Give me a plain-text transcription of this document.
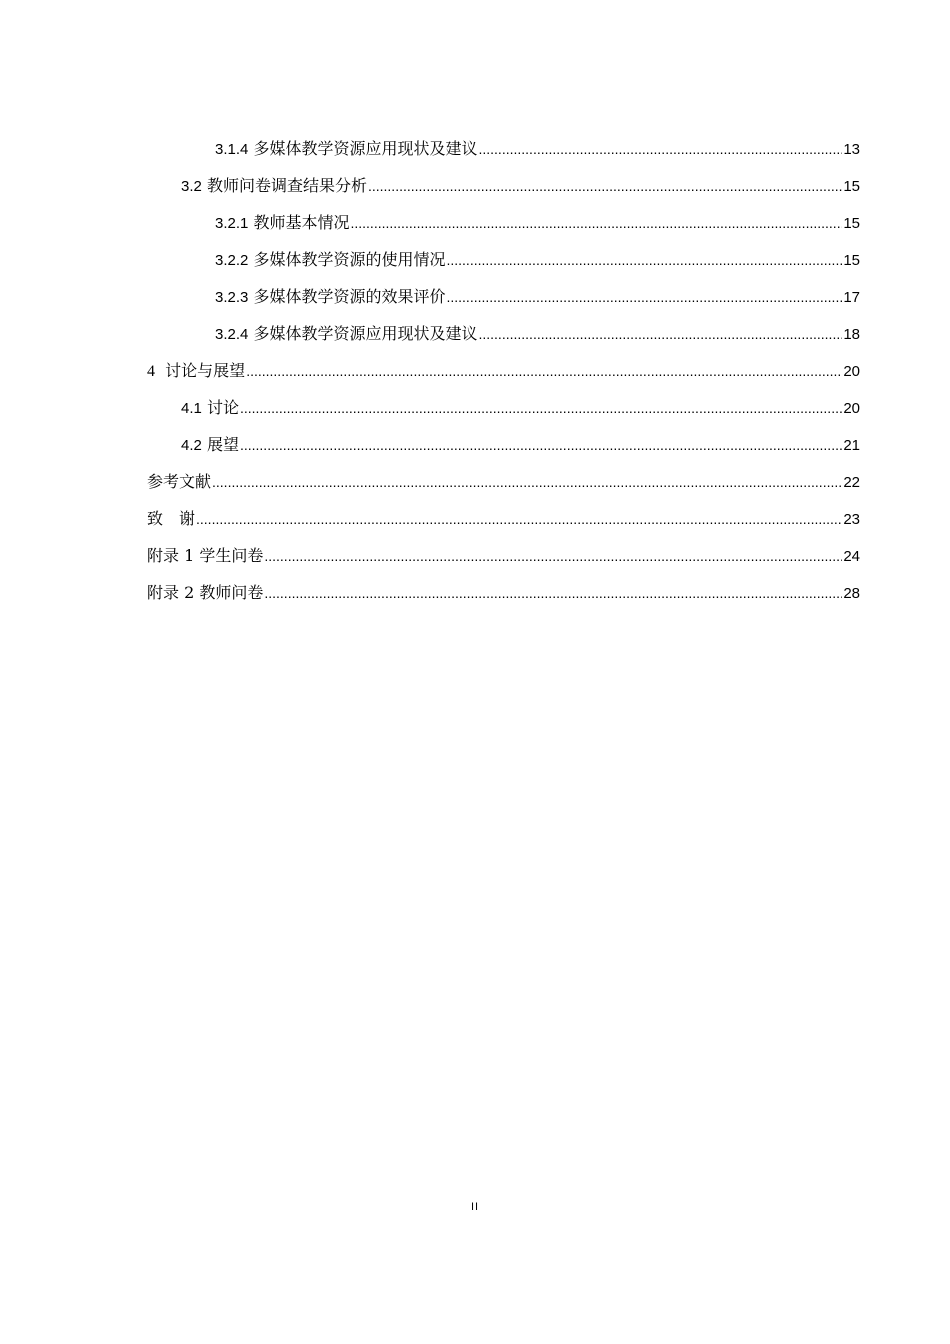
3.1.4 多媒体教学资源应用现状及建议 .....	13
3.2 教师问卷调查结果分析 .....	15
3.2.1 教师基本情况 .....	15
3.2.2 多媒体教学资源的使用情况 .....	15
3.2.3 多媒体教学资源的效果评价 .....	17
3.2.4 多媒体教学资源应用现状及建议 .....	18
4 讨论与展望 .....	20
4.1 讨论 .....	20
4.2 展望 .....	21
参考文献 .....	22
致　谢 .....	23
附录 1 学生问卷 .....	24
附录 2 教师问卷 .....	28
II
